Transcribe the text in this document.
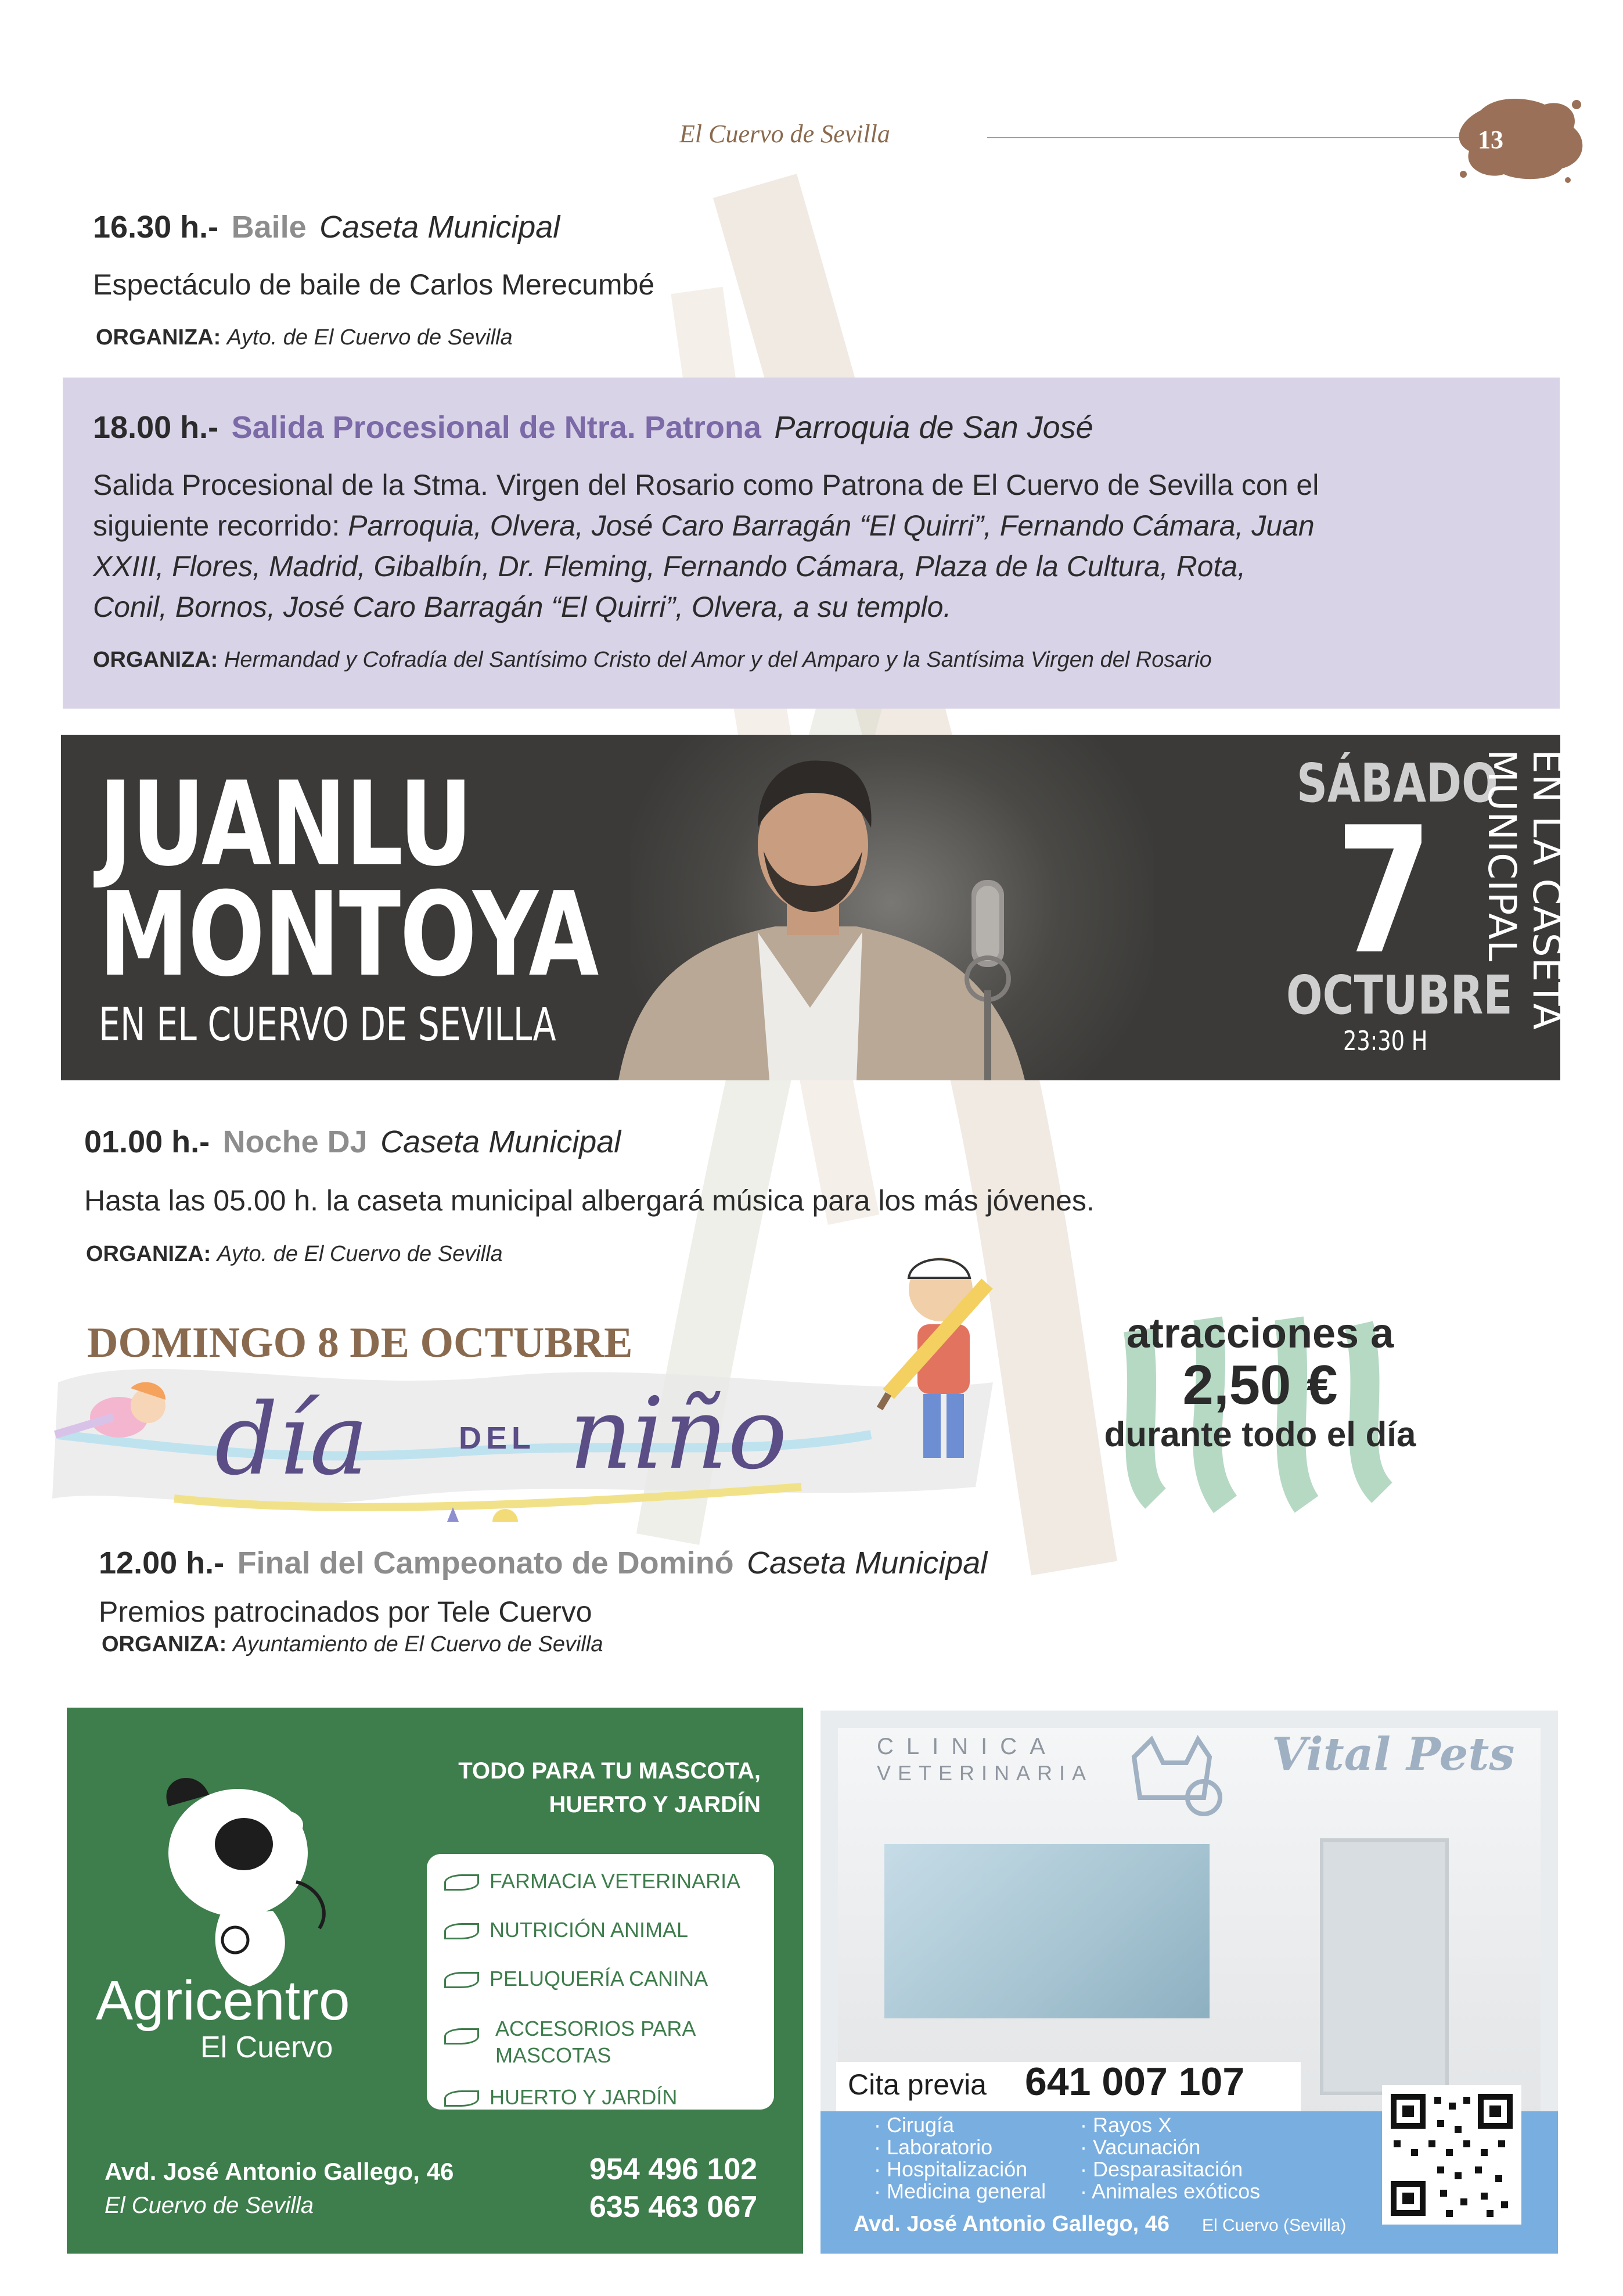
El Cuervo de Sevilla	13
16.30 h.- Baile Caseta Municipal
Espectáculo de baile de Carlos Merecumbé
ORGANIZA: Ayto. de El Cuervo de Sevilla
18.00 h.- Salida Procesional de Ntra. Patrona Parroquia de San José
Salida Procesional de la Stma. Virgen del Rosario como Patrona de El Cuervo de Sevilla con el
siguiente recorrido: Parroquia, Olvera, José Caro Barragán “El Quirri”, Fernando Cámara, Juan
XXIII, Flores, Madrid, Gibalbín, Dr. Fleming, Fernando Cámara, Plaza de la Cultura, Rota,
Conil, Bornos, José Caro Barragán “El Quirri”, Olvera, a su templo.
ORGANIZA: Hermandad y Cofradía del Santísimo Cristo del Amor y del Amparo y la Santísima Virgen del Rosario
JUANLU
MONTOYA
EN EL CUERVO DE SEVILLA
SÁBADO
7
OCTUBRE
23:30 H
EN LA CASETA MUNICIPAL
01.00 h.- Noche DJ Caseta Municipal
Hasta las 05.00 h. la caseta municipal albergará música para los más jóvenes.
ORGANIZA: Ayto. de El Cuervo de Sevilla
DOMINGO 8 DE OCTUBRE
día	DEL niño
atracciones a
2,50 €
durante todo el día
12.00 h.- Final del Campeonato de Dominó Caseta Municipal
Premios patrocinados por Tele Cuervo
ORGANIZA: Ayuntamiento de El Cuervo de Sevilla
Agricentro
El Cuervo
TODO PARA TU MASCOTA,
HUERTO Y JARDÍN
FARMACIA VETERINARIA
NUTRICIÓN ANIMAL
PELUQUERÍA CANINA
ACCESORIOS PARA
MASCOTAS
HUERTO Y JARDÍN
Avd. José Antonio Gallego, 46
El Cuervo de Sevilla
954 496 102
635 463 067
CLINICA
VETERINARIA	Vital Pets
Cita previa 641 007 107
· Cirugía
· Laboratorio
· Hospitalización
· Medicina general
· Rayos X
· Vacunación
· Desparasitación
· Animales exóticos
Avd. José Antonio Gallego, 46 El Cuervo (Sevilla)
